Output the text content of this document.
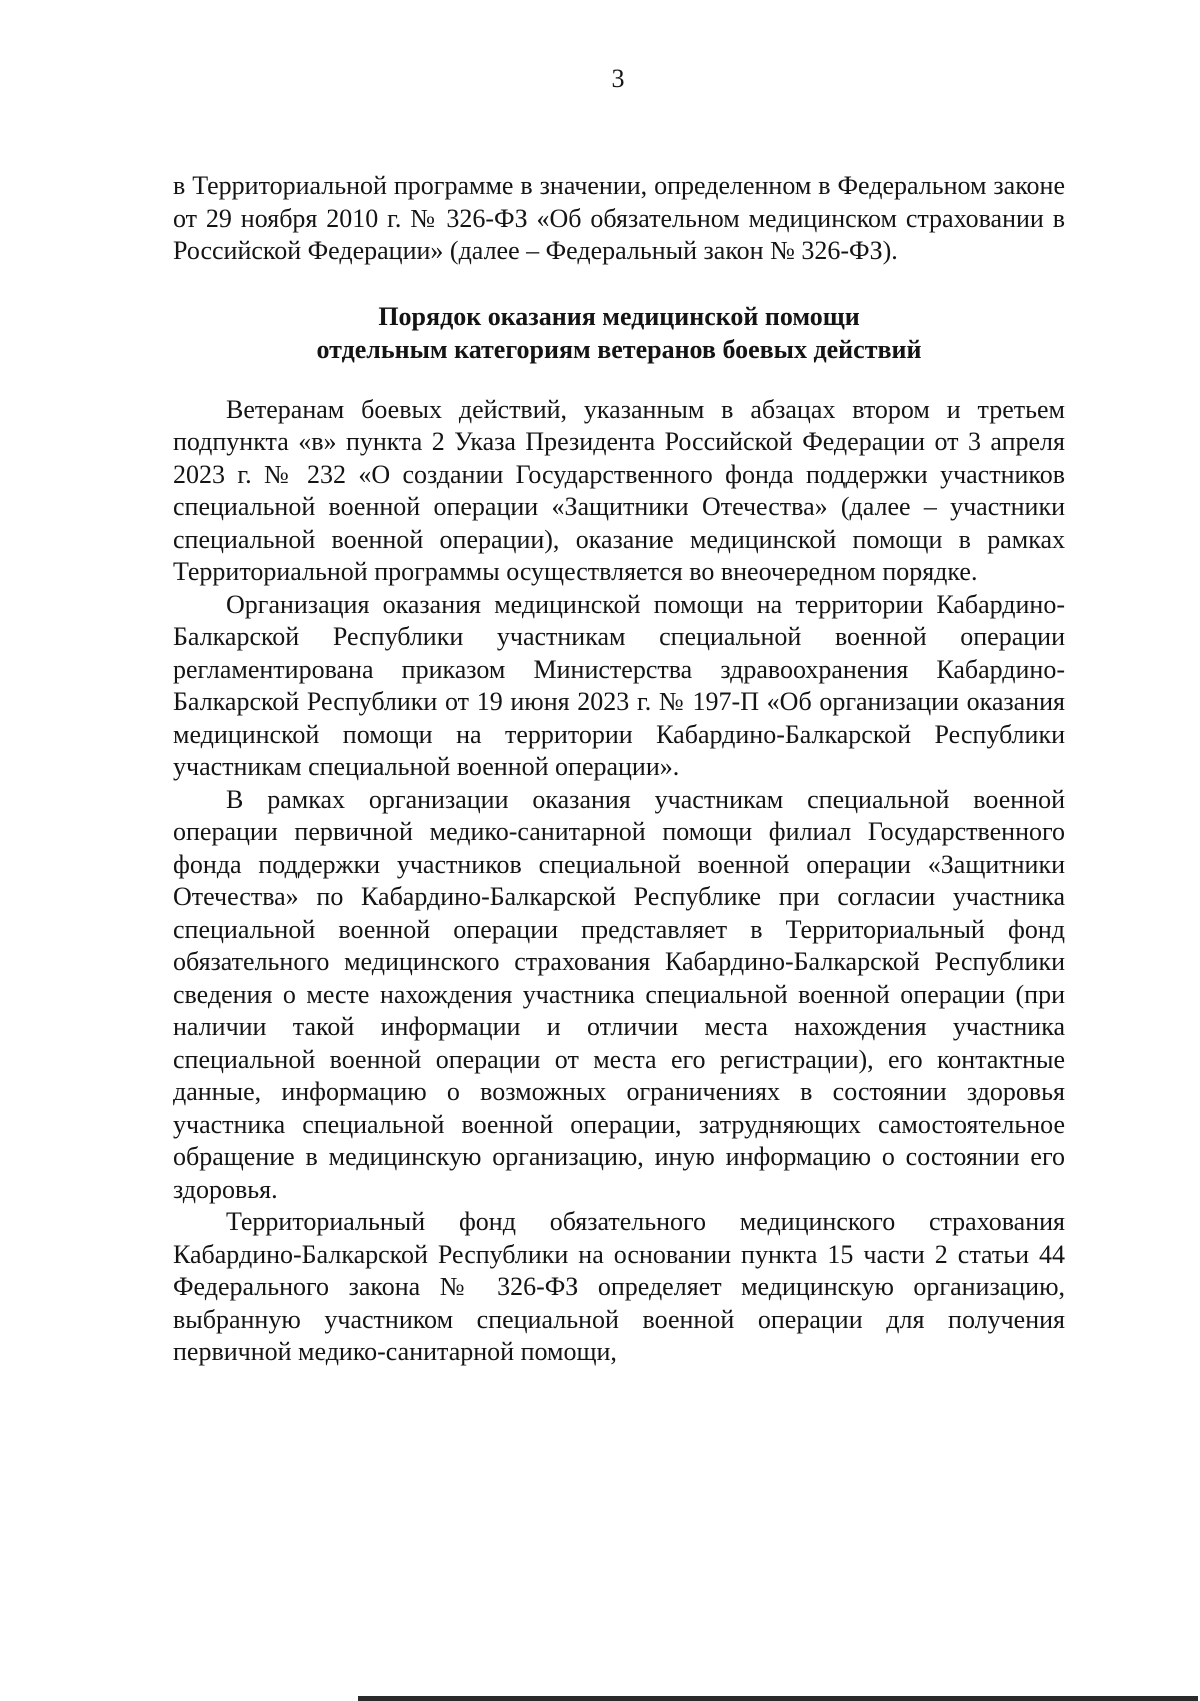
3

в Территориальной программе в значении, определенном в Федеральном законе от 29 ноября 2010 г. № 326-ФЗ «Об обязательном медицинском страховании в Российской Федерации» (далее – Федеральный закон № 326-ФЗ).

Порядок оказания медицинской помощи
отдельным категориям ветеранов боевых действий

Ветеранам боевых действий, указанным в абзацах втором и третьем подпункта «в» пункта 2 Указа Президента Российской Федерации от 3 апреля 2023 г. № 232 «О создании Государственного фонда поддержки участников специальной военной операции «Защитники Отечества» (далее – участники специальной военной операции), оказание медицинской помощи в рамках Территориальной программы осуществляется во внеочередном порядке.

Организация оказания медицинской помощи на территории Кабардино-Балкарской Республики участникам специальной военной операции регламентирована приказом Министерства здравоохранения Кабардино-Балкарской Республики от 19 июня 2023 г. № 197-П «Об организации оказания медицинской помощи на территории Кабардино-Балкарской Республики участникам специальной военной операции».

В рамках организации оказания участникам специальной военной операции первичной медико-санитарной помощи филиал Государственного фонда поддержки участников специальной военной операции «Защитники Отечества» по Кабардино-Балкарской Республике при согласии участника специальной военной операции представляет в Территориальный фонд обязательного медицинского страхования Кабардино-Балкарской Республики сведения о месте нахождения участника специальной военной операции (при наличии такой информации и отличии места нахождения участника специальной военной операции от места его регистрации), его контактные данные, информацию о возможных ограничениях в состоянии здоровья участника специальной военной операции, затрудняющих самостоятельное обращение в медицинскую организацию, иную информацию о состоянии его здоровья.

Территориальный фонд обязательного медицинского страхования Кабардино-Балкарской Республики на основании пункта 15 части 2 статьи 44 Федерального закона № 326-ФЗ определяет медицинскую организацию, выбранную участником специальной военной операции для получения первичной медико-санитарной помощи,
